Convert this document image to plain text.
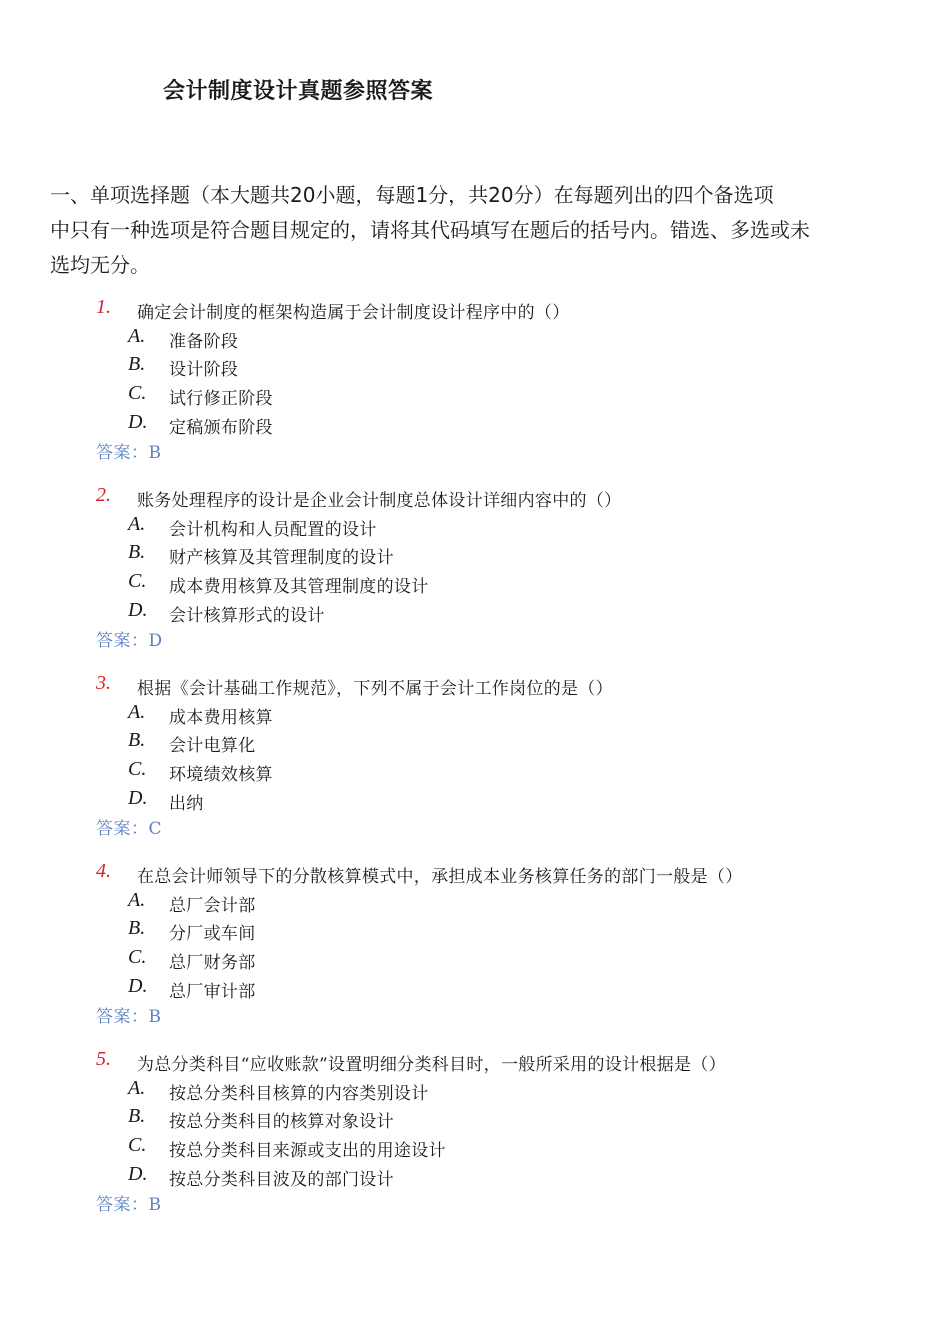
会计制度设计真题参照答案
一、单项选择题（本大题共20小题，每题1分，共20分）在每题列出的四个备选项
中只有一种选项是符合题目规定的，请将其代码填写在题后的括号内。错选、多选或未
选均无分。
1. 确定会计制度的框架构造属于会计制度设计程序中的（）
A. 准备阶段
B. 设计阶段
C. 试行修正阶段
D. 定稿颁布阶段
答案：B
2. 账务处理程序的设计是企业会计制度总体设计详细内容中的（）
A. 会计机构和人员配置的设计
B. 财产核算及其管理制度的设计
C. 成本费用核算及其管理制度的设计
D. 会计核算形式的设计
答案：D
3. 根据《会计基础工作规范》，下列不属于会计工作岗位的是（）
A. 成本费用核算
B. 会计电算化
C. 环境绩效核算
D. 出纳
答案：C
4. 在总会计师领导下的分散核算模式中，承担成本业务核算任务的部门一般是（）
A. 总厂会计部
B. 分厂或车间
C. 总厂财务部
D. 总厂审计部
答案：B
5. 为总分类科目“应收账款”设置明细分类科目时，一般所采用的设计根据是（）
A. 按总分类科目核算的内容类别设计
B. 按总分类科目的核算对象设计
C. 按总分类科目来源或支出的用途设计
D. 按总分类科目波及的部门设计
答案：B
